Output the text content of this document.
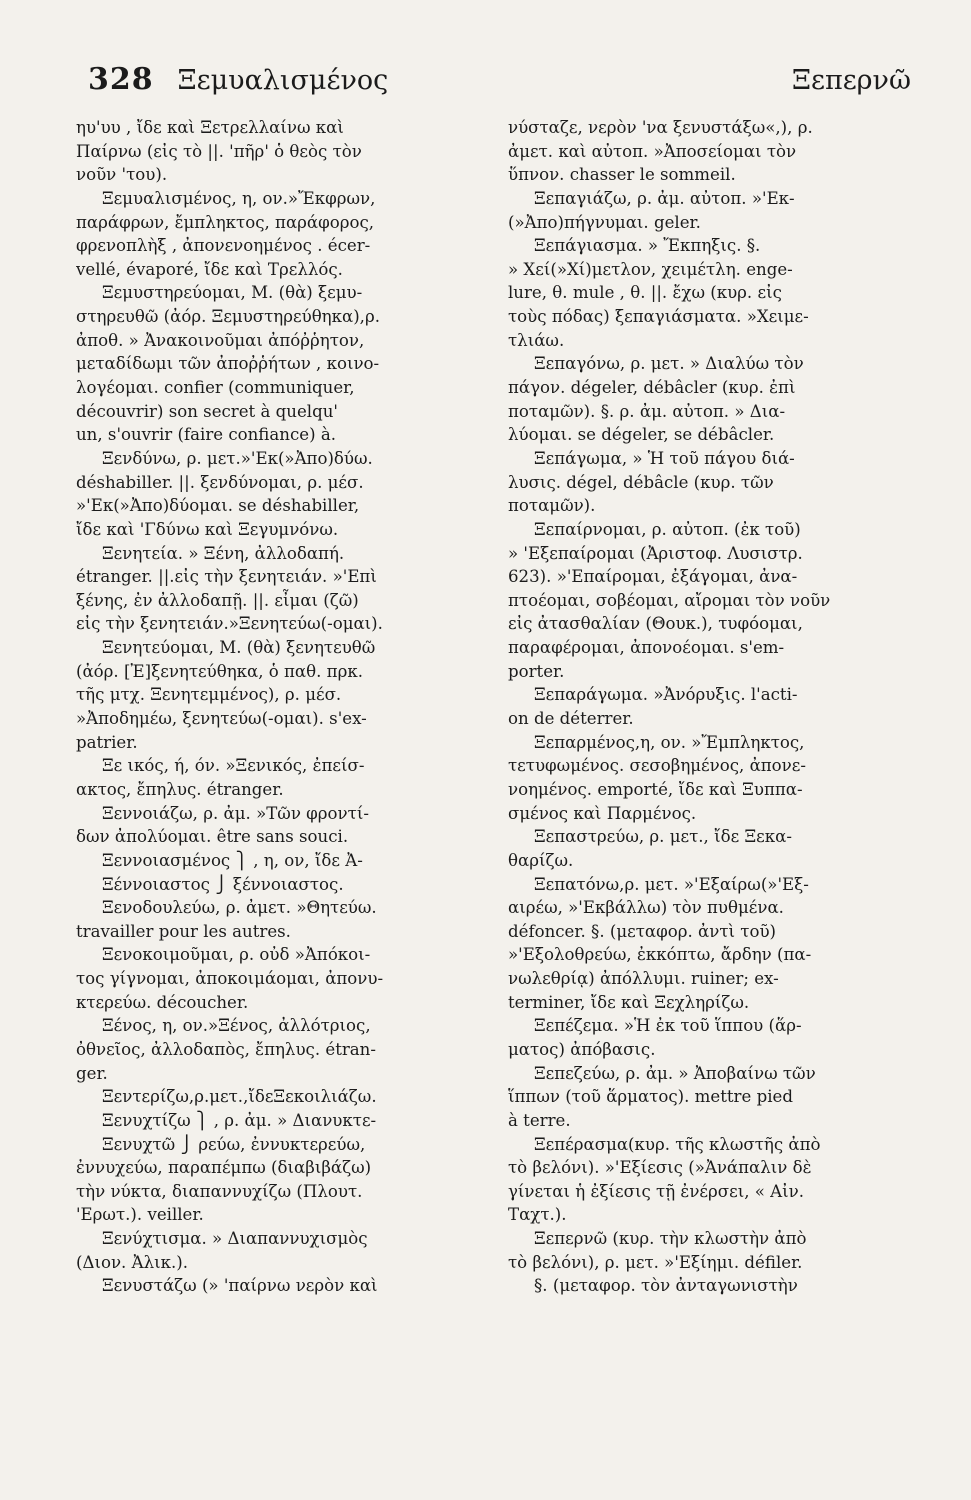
328 Ξεμυαλισμένος	Ξεπερνῶ
ηυ'υυ , ἴδε καὶ Ξετρελλαίνω καὶ
Παίρνω (εἰς τὸ ||. 'πῆρ' ὁ θεὸς τὸν
νοῦν 'του).
Ξεμυαλισμένος, η, ον.»Ἔκφρων,
παράφρων, ἔμπληκτος, παράφορος,
φρενοπλὴξ , ἀπονενοημένος . écer-
vellé, évaporé, ἴδε καὶ Τρελλός.
Ξεμυστηρεύομαι, Μ. (θὰ) ξεμυ-
στηρευθῶ (ἀόρ. Ξεμυστηρεύθηκα),ρ.
ἀποθ. » Ἀνακοινοῦμαι ἀπόῤῥητον,
μεταδίδωμι τῶν ἀποῤῥήτων , κοινο-
λογέομαι. confier (communiquer,
découvrir) son secret à quelqu'
un, s'ouvrir (faire confiance) à.
Ξενδύνω, ρ. μετ.»'Εκ(»Ἀπο)δύω.
déshabiller. ||. ξενδύνομαι, ρ. μέσ.
»'Εκ(»Ἀπο)δύομαι. se déshabiller,
ἴδε καὶ 'Γδύνω καὶ Ξεγυμνόνω.
Ξενητεία. » Ξένη, ἀλλοδαπή.
étranger. ||.εἰς τὴν ξενητειάν. »'Επὶ
ξένης, ἐν ἀλλοδαπῇ. ||. εἶμαι (ζῶ)
εἰς τὴν ξενητειάν.»Ξενητεύω(-ομαι).
Ξενητεύομαι, Μ. (θὰ) ξενητευθῶ
(ἀόρ. [Ἐ]ξενητεύθηκα, ὁ παθ. πρκ.
τῆς μτχ. Ξενητεμμένος), ρ. μέσ.
»Ἀποδημέω, ξενητεύω(-ομαι). s'ex-
patrier.
Ξε ικός, ή, όν. »Ξενικός, ἐπείσ-
ακτος, ἔπηλυς. étranger.
Ξεννοιάζω, ρ. ἀμ. »Τῶν φροντί-
δων ἀπολύομαι. être sans souci.
Ξεννοιασμένος ⎫ , η, ον, ἴδε Ἀ-
Ξέννοιαστος ⎭ ξέννοιαστος.
Ξενοδουλεύω, ρ. ἀμετ. »Θητεύω.
travailler pour les autres.
Ξενοκοιμοῦμαι, ρ. οὐδ »Ἀπόκοι-
τος γίγνομαι, ἀποκοιμάομαι, ἀπονυ-
κτερεύω. découcher.
Ξένος, η, ον.»Ξένος, ἀλλότριος,
ὀθνεῖος, ἀλλοδαπὸς, ἔπηλυς. étran-
ger.
Ξεντερίζω,ρ.μετ.,ἴδεΞεκοιλιάζω.
Ξενυχτίζω ⎫ , ρ. ἀμ. » Διανυκτε-
Ξενυχτῶ ⎭ ρεύω, ἐννυκτερεύω,
ἐννυχεύω, παραπέμπω (διαβιβάζω)
τὴν νύκτα, διαπαννυχίζω (Πλουτ.
'Ερωτ.). veiller.
Ξενύχτισμα. » Διαπαννυχισμὸς
(Διον. Ἀλικ.).
Ξενυστάζω (» 'παίρνω νερὸν καὶ
νύσταζε, νερὸν 'να ξενυστάξω«,), ρ.
ἀμετ. καὶ αὐτοπ. »Ἀποσείομαι τὸν
ὕπνον. chasser le sommeil.
Ξεπαγιάζω, ρ. ἀμ. αὐτοπ. »'Εκ-
(»Ἀπο)πήγνυμαι. geler.
Ξεπάγιασμα. » Ἔκπηξις. §.
» Χεί(»Χί)μετλον, χειμέτλη. enge-
lure, θ. mule , θ. ||. ἔχω (κυρ. εἰς
τοὺς πόδας) ξεπαγιάσματα. »Χειμε-
τλιάω.
Ξεπαγόνω, ρ. μετ. » Διαλύω τὸν
πάγον. dégeler, débâcler (κυρ. ἐπὶ
ποταμῶν). §. ρ. ἀμ. αὐτοπ. » Δια-
λύομαι. se dégeler, se débâcler.
Ξεπάγωμα, » Ἡ τοῦ πάγου διά-
λυσις. dégel, débâcle (κυρ. τῶν
ποταμῶν).
Ξεπαίρνομαι, ρ. αὐτοπ. (ἐκ τοῦ)
» 'Εξεπαίρομαι (Ἀριστοφ. Λυσιστρ.
623). »'Επαίρομαι, ἐξάγομαι, ἀνα-
πτοέομαι, σοβέομαι, αἴρομαι τὸν νοῦν
εἰς ἀτασθαλίαν (Θουκ.), τυφόομαι,
παραφέρομαι, ἀπονοέομαι. s'em-
porter.
Ξεπαράγωμα. »Ἀνόρυξις. l'acti-
on de déterrer.
Ξεπαρμένος,η, ον. »Ἔμπληκτος,
τετυφωμένος. σεσοβημένος, ἀπονε-
νοημένος. emporté, ἴδε καὶ Ξυππα-
σμένος καὶ Παρμένος.
Ξεπαστρεύω, ρ. μετ., ἴδε Ξεκα-
θαρίζω.
Ξεπατόνω,ρ. μετ. »'Εξαίρω(»'Εξ-
αιρέω, »'Εκβάλλω) τὸν πυθμένα.
défoncer. §. (μεταφορ. ἀντὶ τοῦ)
»'Εξολοθρεύω, ἐκκόπτω, ἄρδην (πα-
νωλεθρίᾳ) ἀπόλλυμι. ruiner; ex-
terminer, ἴδε καὶ Ξεχληρίζω.
Ξεπέζεμα. »Ἡ ἐκ τοῦ ἵππου (ἅρ-
ματος) ἀπόβασις.
Ξεπεζεύω, ρ. ἀμ. » Ἀποβαίνω τῶν
ἵππων (τοῦ ἅρματος). mettre pied
à terre.
Ξεπέρασμα(κυρ. τῆς κλωστῆς ἀπὸ
τὸ βελόνι). »'Εξίεσις (»Ἀνάπαλιν δὲ
γίνεται ἡ ἐξίεσις τῇ ἐνέρσει, « Αἰν.
Ταχτ.).
Ξεπερνῶ (κυρ. τὴν κλωστὴν ἀπὸ
τὸ βελόνι), ρ. μετ. »'Εξίημι. défiler.
§. (μεταφορ. τὸν ἀνταγωνιστὴν
